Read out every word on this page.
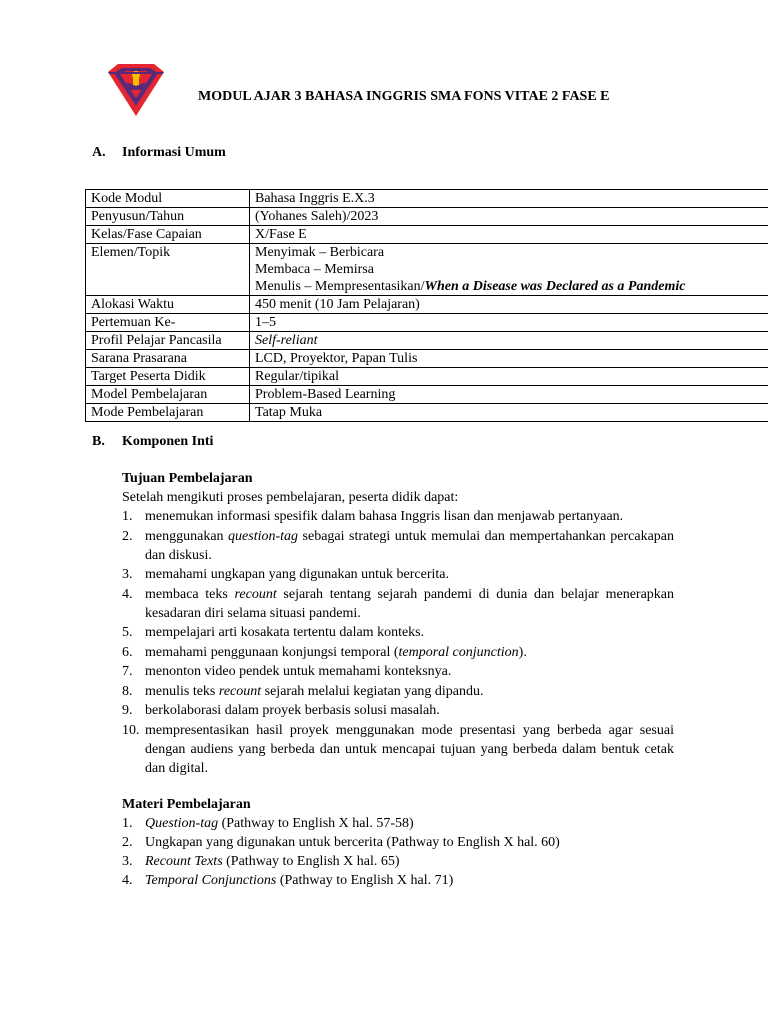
MODUL AJAR 3 BAHASA INGGRIS SMA FONS VITAE 2 FASE E
A. Informasi Umum
Kode Modul	Bahasa Inggris E.X.3
Penyusun/Tahun	(Yohanes Saleh)/2023
Kelas/Fase Capaian	X/Fase E
Elemen/Topik	Menyimak – Berbicara
Membaca – Memirsa
Menulis – Mempresentasikan/When a Disease was Declared as a Pandemic

Alokasi Waktu	450 menit (10 Jam Pelajaran)
Pertemuan Ke-	1–5
Profil Pelajar Pancasila	Self-reliant
Sarana Prasarana	LCD, Proyektor, Papan Tulis
Target Peserta Didik	Regular/tipikal
Model Pembelajaran	Problem-Based Learning
Mode Pembelajaran	Tatap Muka
B. Komponen Inti

Tujuan Pembelajaran

Setelah mengikuti proses pembelajaran, peserta didik dapat:

1. menemukan informasi spesifik dalam bahasa Inggris lisan dan menjawab pertanyaan.
2. menggunakan question-tag sebagai strategi untuk memulai dan mempertahankan percakapan dan diskusi.
3. memahami ungkapan yang digunakan untuk bercerita.
4. membaca teks recount sejarah tentang sejarah pandemi di dunia dan belajar menerapkan kesadaran diri selama situasi pandemi.
5. mempelajari arti kosakata tertentu dalam konteks.
6. memahami penggunaan konjungsi temporal (temporal conjunction).
7. menonton video pendek untuk memahami konteksnya.
8. menulis teks recount sejarah melalui kegiatan yang dipandu.
9. berkolaborasi dalam proyek berbasis solusi masalah.
10. mempresentasikan hasil proyek menggunakan mode presentasi yang berbeda agar sesuai dengan audiens yang berbeda dan untuk mencapai tujuan yang berbeda dalam bentuk cetak dan digital.

Materi Pembelajaran

1. Question-tag (Pathway to English X hal. 57-58)
2. Ungkapan yang digunakan untuk bercerita (Pathway to English X hal. 60)
3. Recount Texts (Pathway to English X hal. 65)
4. Temporal Conjunctions (Pathway to English X hal. 71)
